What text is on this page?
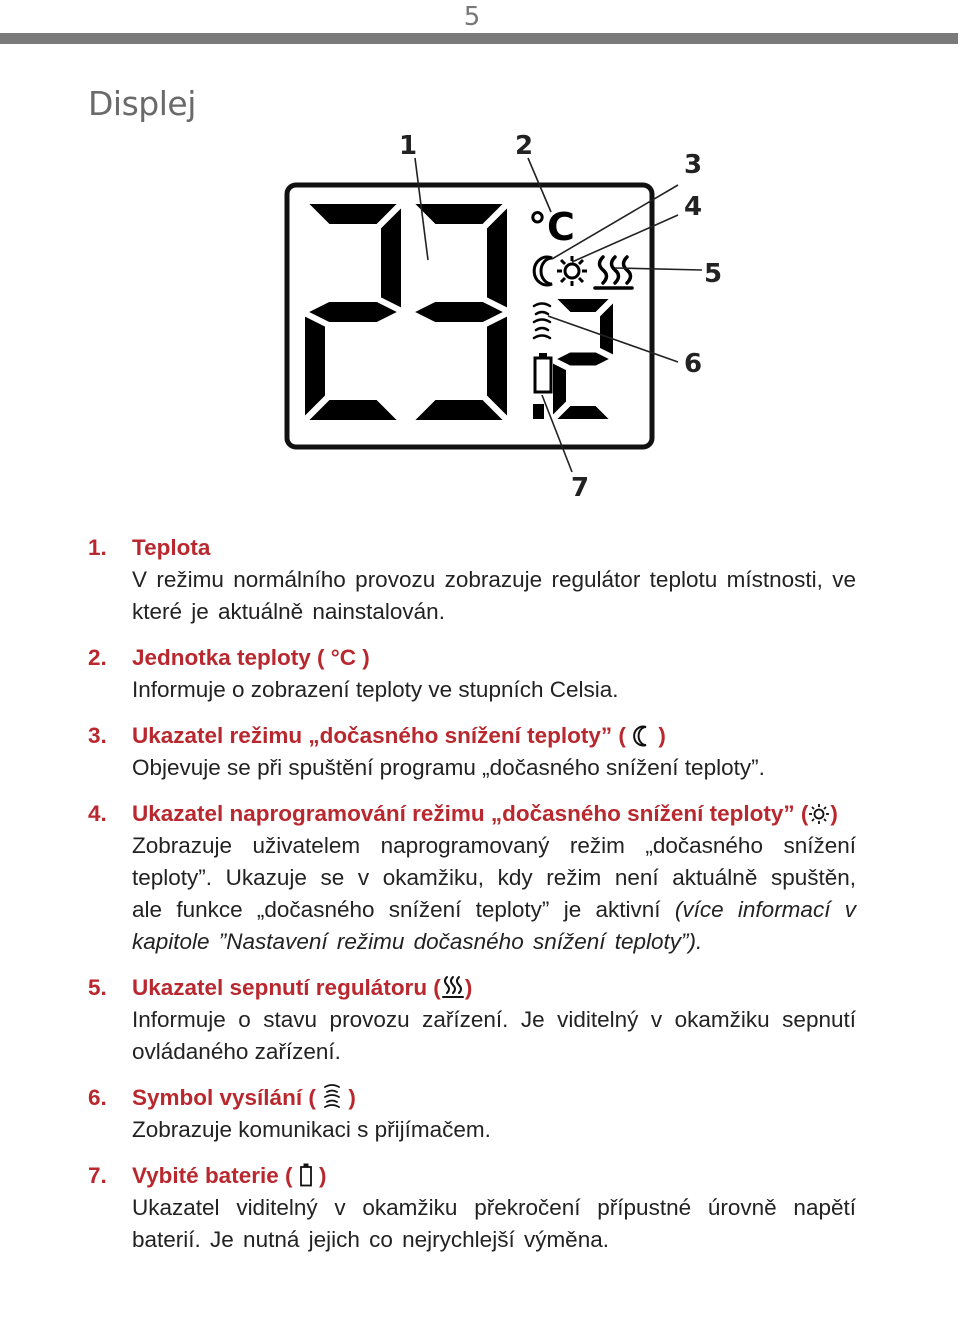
5
Displej
°C
1	2
3
4
5
6
7
1.	Teplota
V režimu normálního provozu zobrazuje regulátor teplotu místnosti, ve které je aktuálně nainstalován.
2.	Jednotka teploty ( °C )
Informuje o zobrazení teploty ve stupních Celsia.
3.	Ukazatel režimu „dočasného snížení teploty” (  )
Objevuje se při spuštění programu „dočasného snížení teploty”.
4.	Ukazatel naprogramování režimu „dočasného snížení teploty” ( )
Zobrazuje uživatelem naprogramovaný režim „dočasného snížení teploty”. Ukazuje se v okamžiku, kdy režim není aktuálně spuštěn, ale funkce „dočasného snížení teploty” je aktivní (více informací v kapitole ”Nastavení režimu dočasného snížení teploty”).
5.	Ukazatel sepnutí regulátoru ( )
Informuje o stavu provozu zařízení. Je viditelný v okamžiku sepnutí ovládaného zařízení.
6.	Symbol vysílání (  )
Zobrazuje komunikaci s přijímačem.
7.	Vybité baterie (  )
Ukazatel viditelný v okamžiku překročení přípustné úrovně napětí baterií. Je nutná jejich co nejrychlejší výměna.
